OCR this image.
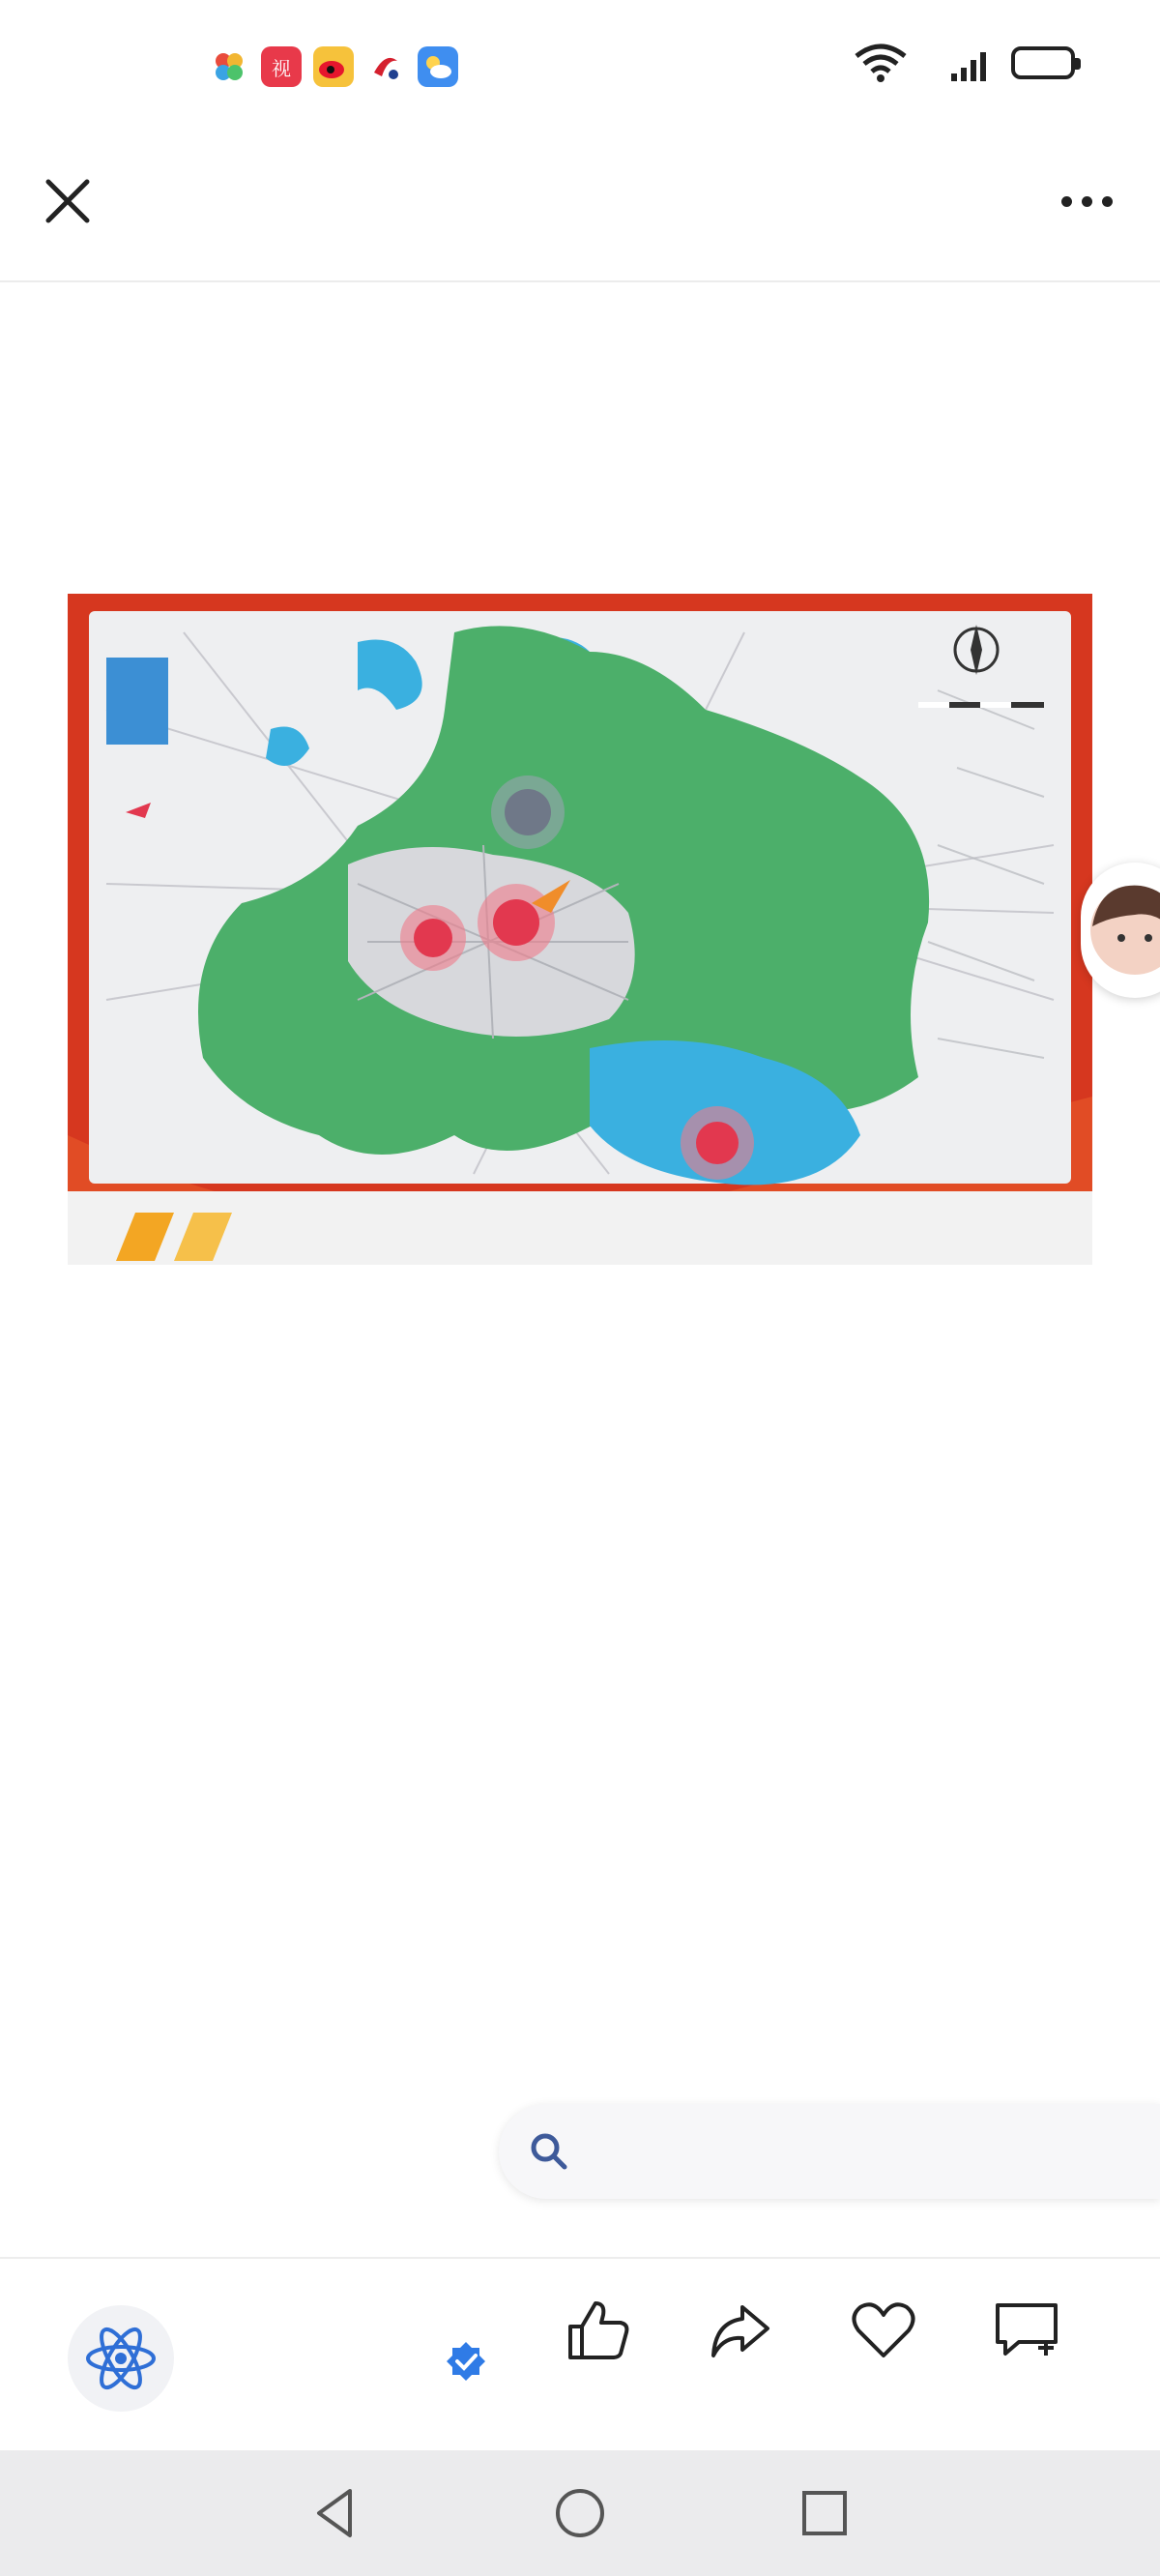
视
